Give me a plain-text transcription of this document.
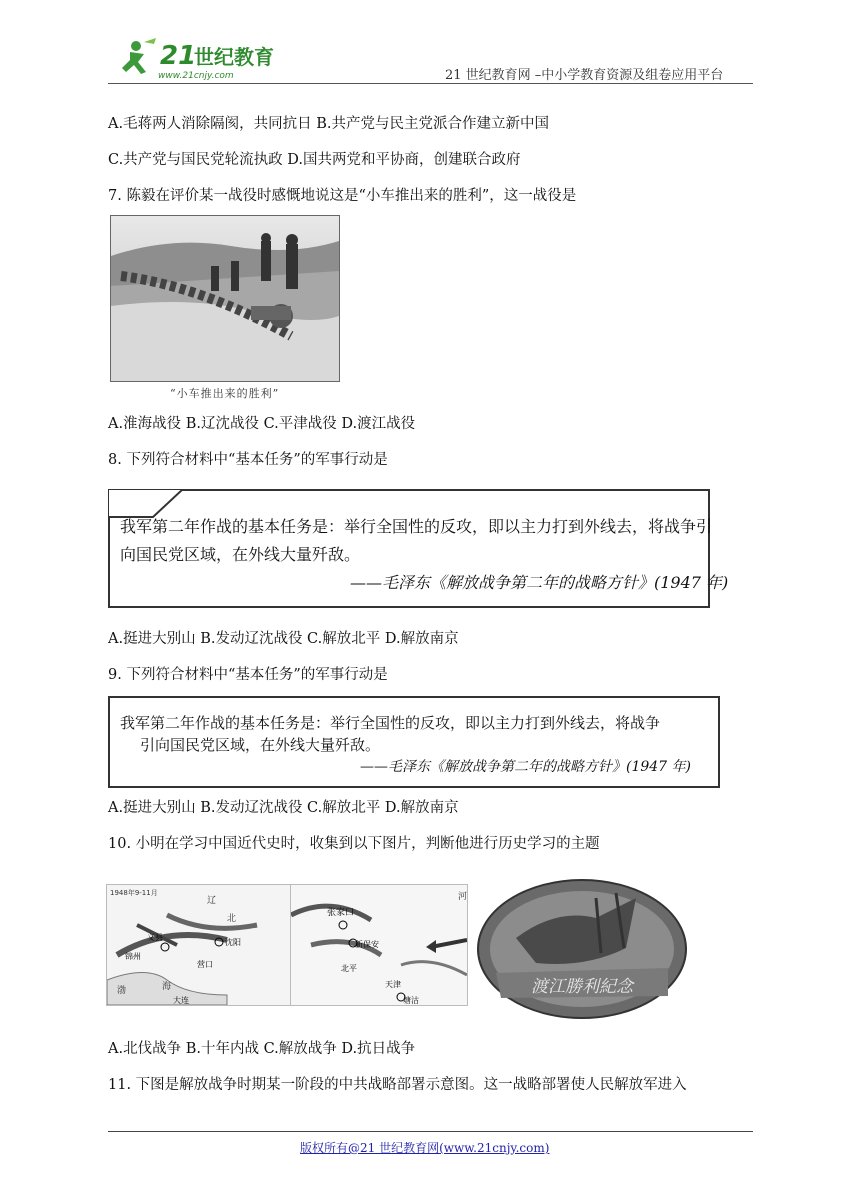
21
世纪教育
www.21cnjy.com	21 世纪教育网 –中小学教育资源及组卷应用平台
A.毛蒋两人消除隔阂，共同抗日 B.共产党与民主党派合作建立新中国
C.共产党与国民党轮流执政 D.国共两党和平协商，创建联合政府
7. 陈毅在评价某一战役时感慨地说这是“小车推出来的胜利”，这一战役是
“小车推出来的胜利”
A.淮海战役 B.辽沈战役 C.平津战役 D.渡江战役
8. 下列符合材料中“基本任务”的军事行动是
我军第二年作战的基本任务是：举行全国性的反攻，即以主力打到外线去，将战争引
向国民党区域，在外线大量歼敌。
——毛泽东《解放战争第二年的战略方针》(1947 年)
A.挺进大别山 B.发动辽沈战役 C.解放北平 D.解放南京
9. 下列符合材料中“基本任务”的军事行动是
我军第二年作战的基本任务是：举行全国性的反攻，即以主力打到外线去，将战争
引向国民党区域，在外线大量歼敌。
——毛泽东《解放战争第二年的战略方针》(1947 年)
A.挺进大别山 B.发动辽沈战役 C.解放北平 D.解放南京
10. 小明在学习中国近代史时，收集到以下图片，判断他进行历史学习的主题
1948年9-11月
辽
北
沈阳
锦州
义县
营口
渤	海
大连
张家口
新保安
北平
天津
塘沽
河
渡江勝利紀念
A.北伐战争 B.十年内战 C.解放战争 D.抗日战争
11. 下图是解放战争时期某一阶段的中共战略部署示意图。这一战略部署使人民解放军进入
版权所有@21 世纪教育网(www.21cnjy.com)
